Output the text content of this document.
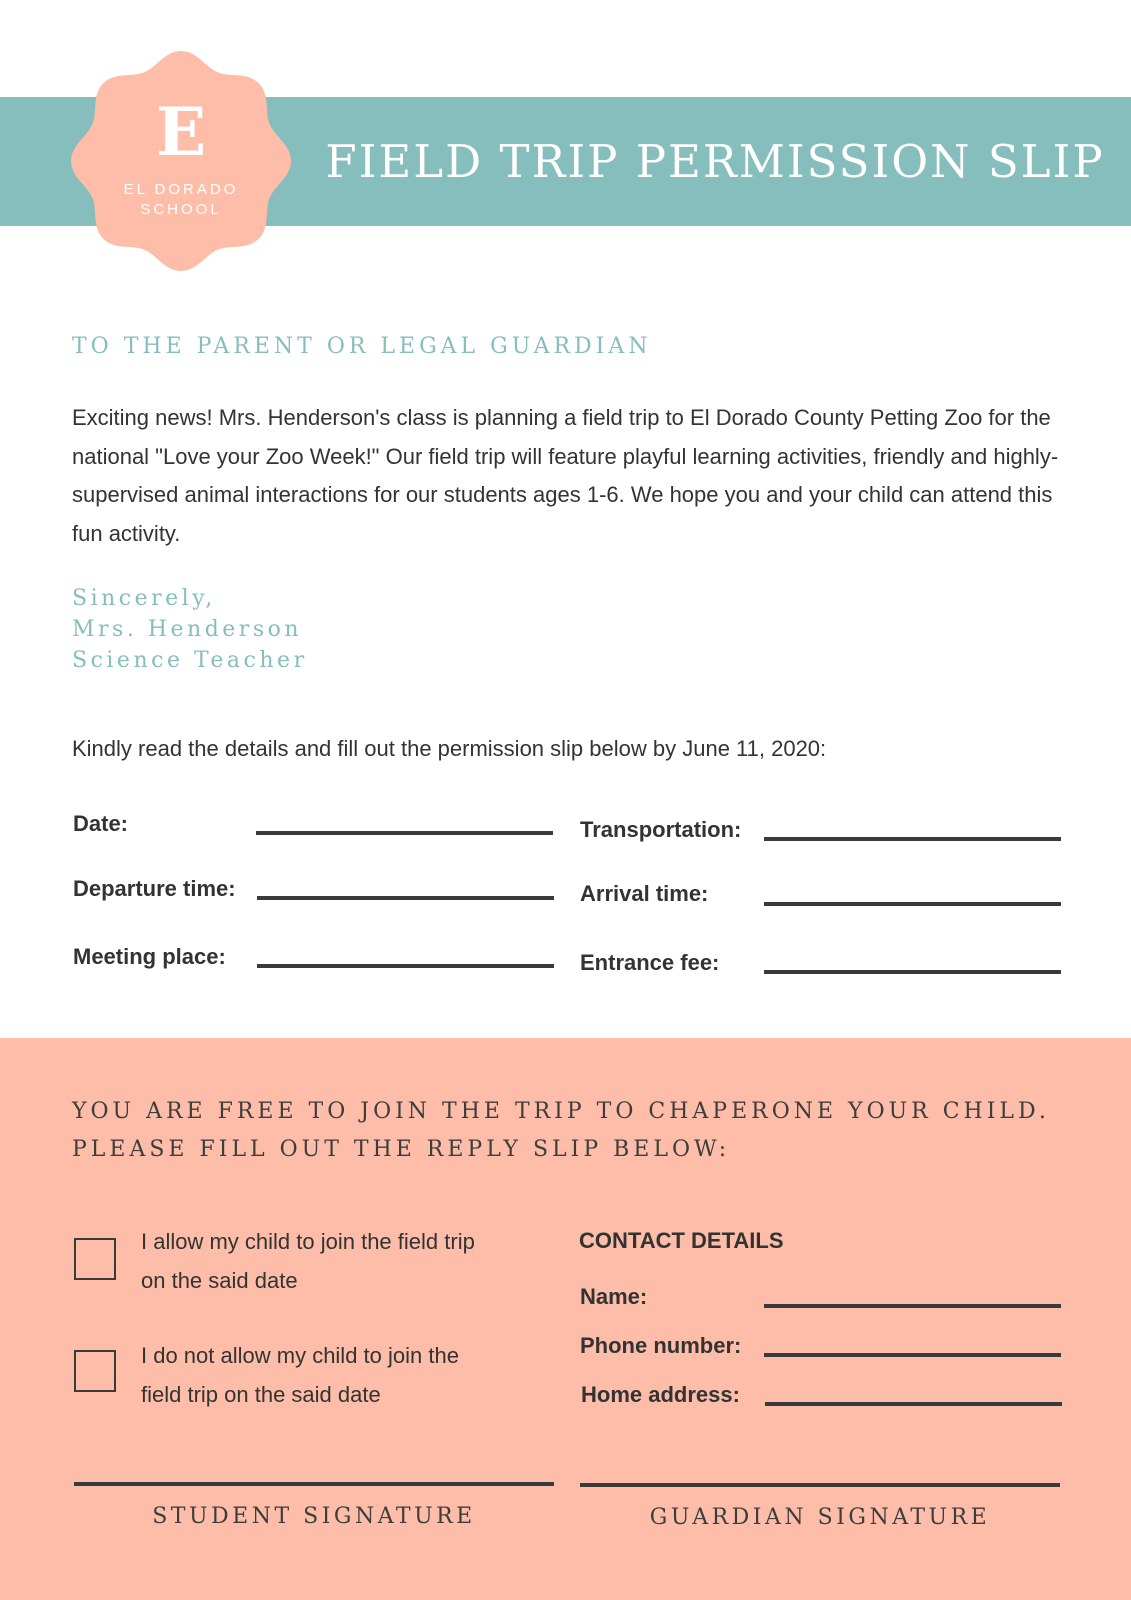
FIELD TRIP PERMISSION SLIP
E
EL DORADO
SCHOOL
TO THE PARENT OR LEGAL GUARDIAN

Exciting news! Mrs. Henderson's class is planning a field trip to El Dorado County Petting Zoo for the national "Love your Zoo Week!" Our field trip will feature playful learning activities, friendly and highly-supervised animal interactions for our students ages 1-6. We hope you and your child can attend this fun activity.

Sincerely,
Mrs. Henderson
Science Teacher
Kindly read the details and fill out the permission slip below by June 11, 2020:
Date:
Departure time:
Meeting place:
Transportation:
Arrival time:
Entrance fee:
YOU ARE FREE TO JOIN THE TRIP TO CHAPERONE YOUR CHILD.
PLEASE FILL OUT THE REPLY SLIP BELOW:

I allow my child to join the field trip on the said date

I do not allow my child to join the field trip on the said date

CONTACT DETAILS
Name:
Phone number:
Home address:
STUDENT SIGNATURE	GUARDIAN SIGNATURE
